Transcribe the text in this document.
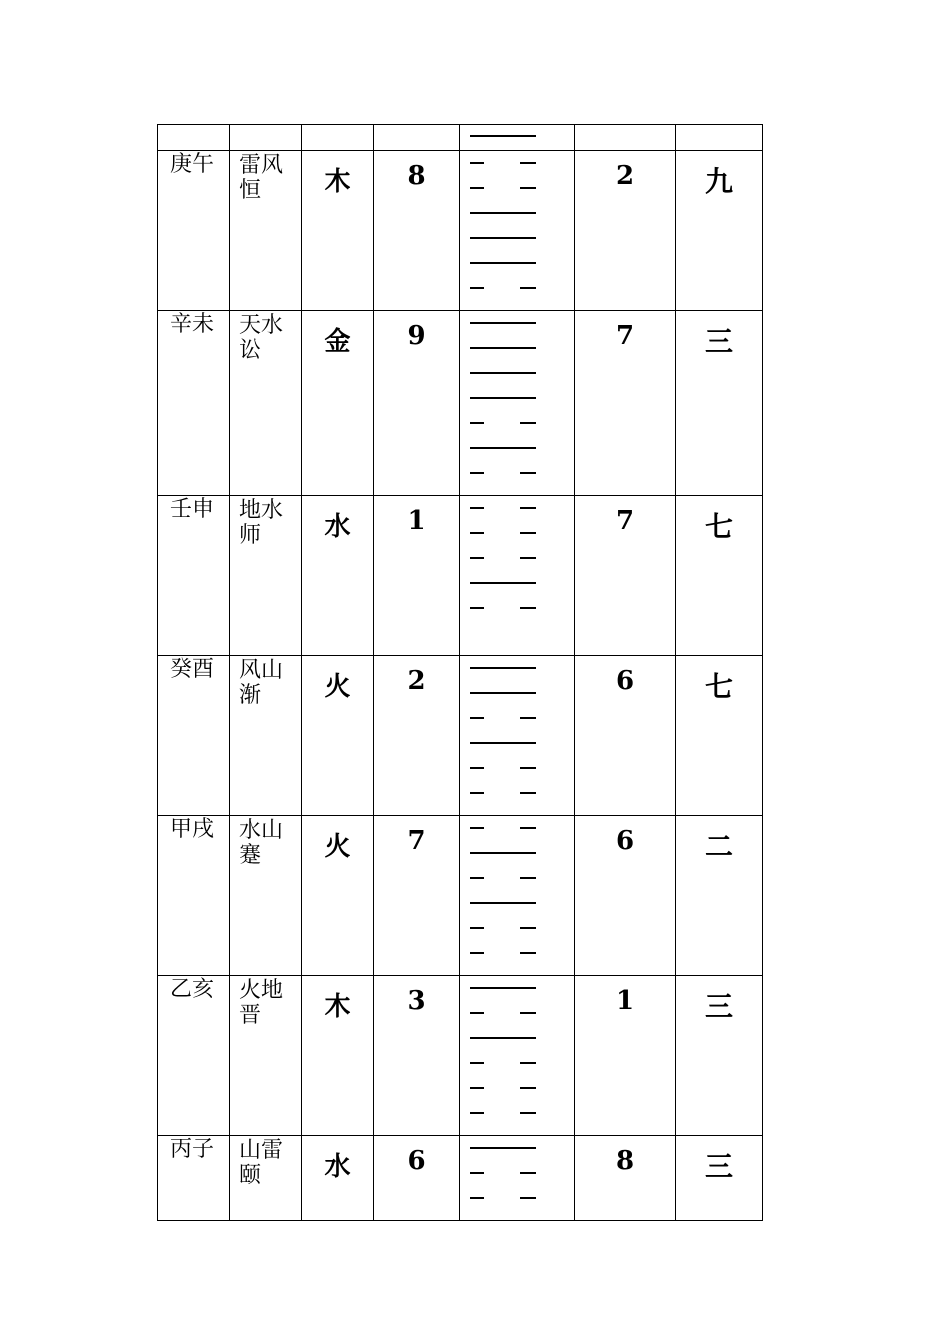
庚午	雷风恒	木	8		2	九
辛未	天水讼	金	9		7	三
壬申	地水师	水	1		7	七
癸酉	风山渐	火	2		6	七
甲戌	水山蹇	火	7		6	二
乙亥	火地晋	木	3		1	三
丙子	山雷颐	水	6		8	三
